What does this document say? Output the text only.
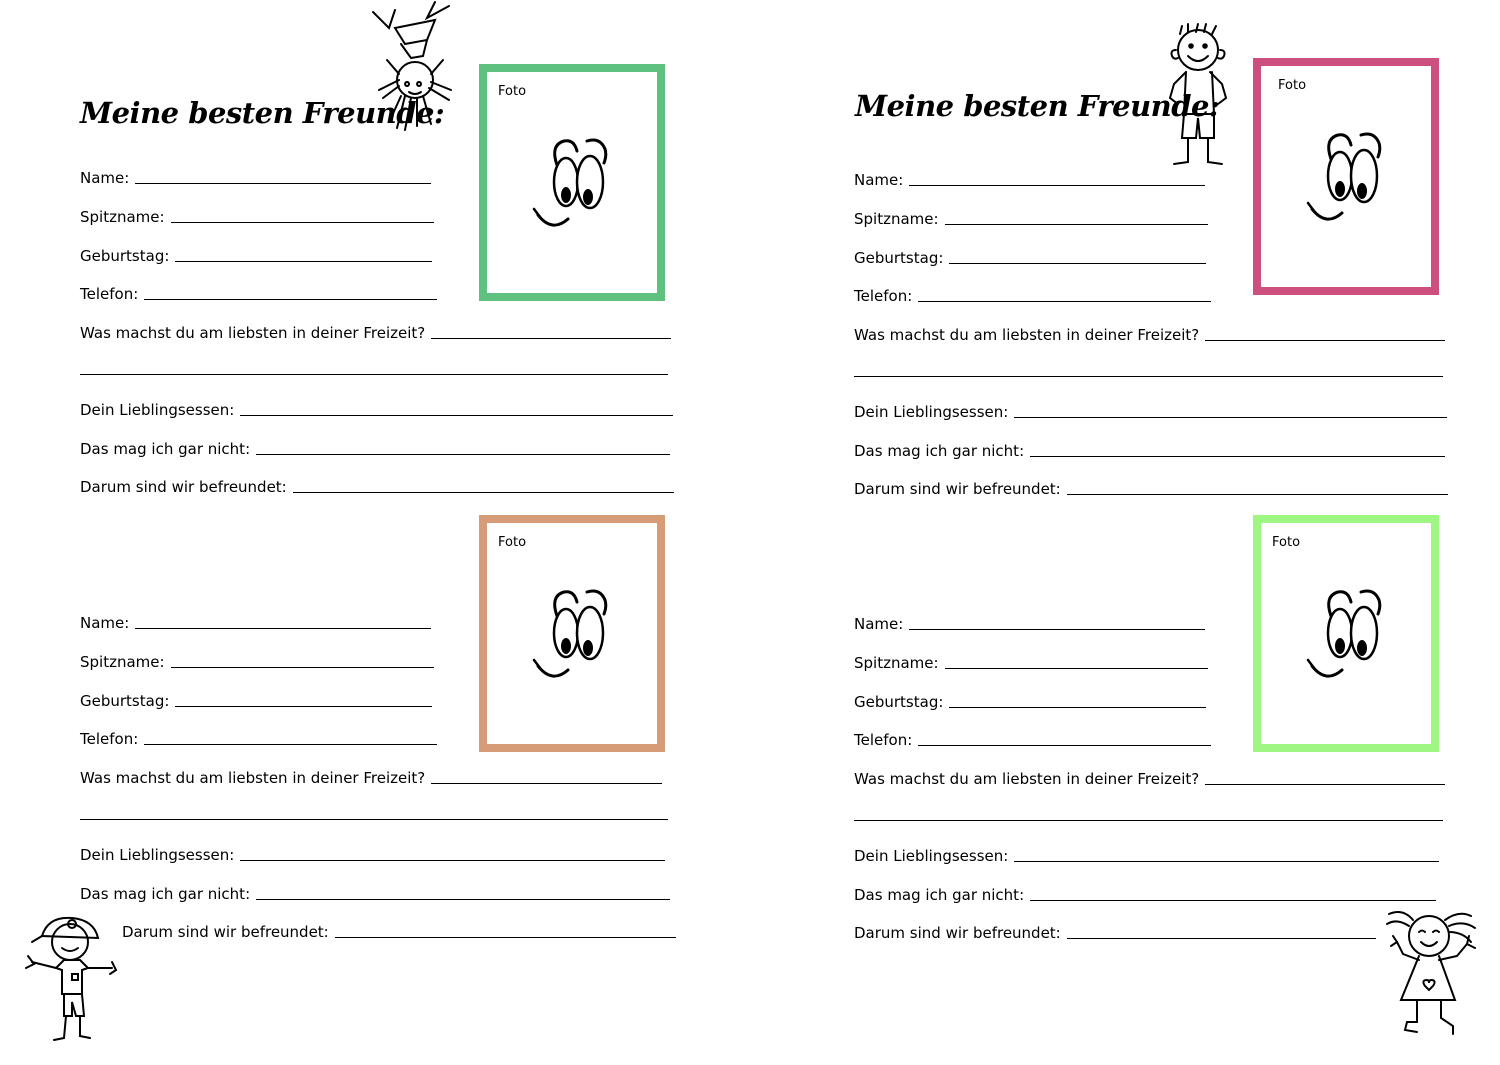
Meine besten Freunde:
Foto
Name:
Spitzname:
Geburtstag:
Telefon:
Was machst du am liebsten in deiner Freizeit?
Dein Lieblingsessen:
Das mag ich gar nicht:
Darum sind wir befreundet:
Foto
Name:
Spitzname:
Geburtstag:
Telefon:
Was machst du am liebsten in deiner Freizeit?
Dein Lieblingsessen:
Das mag ich gar nicht:
Darum sind wir befreundet:
Meine besten Freunde:
Foto
Name:
Spitzname:
Geburtstag:
Telefon:
Was machst du am liebsten in deiner Freizeit?
Dein Lieblingsessen:
Das mag ich gar nicht:
Darum sind wir befreundet:
Foto
Name:
Spitzname:
Geburtstag:
Telefon:
Was machst du am liebsten in deiner Freizeit?
Dein Lieblingsessen:
Das mag ich gar nicht:
Darum sind wir befreundet:
